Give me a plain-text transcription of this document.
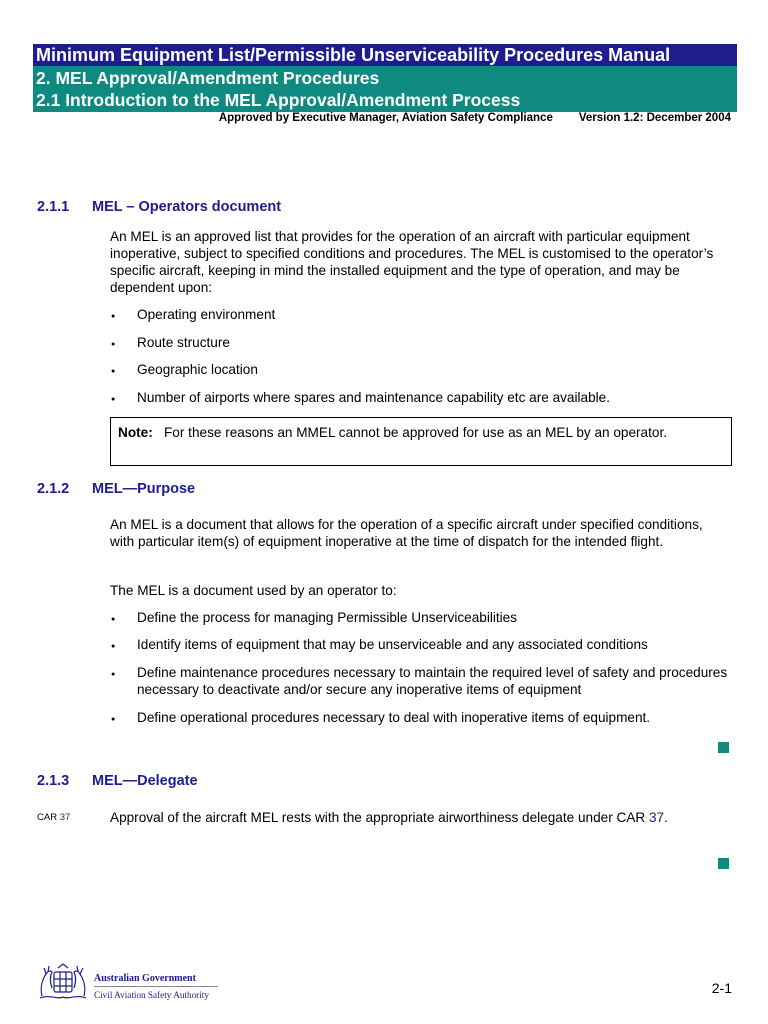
Minimum Equipment List/Permissible Unserviceability Procedures Manual
2. MEL Approval/Amendment Procedures
2.1 Introduction to the MEL Approval/Amendment Process
Approved by Executive Manager, Aviation Safety Compliance Version 1.2: December 2004
2.1.1 MEL – Operators document
An MEL is an approved list that provides for the operation of an aircraft with particular equipment inoperative, subject to specified conditions and procedures. The MEL is customised to the operator’s specific aircraft, keeping in mind the installed equipment and the type of operation, and may be dependent upon:
● Operating environment
● Route structure
● Geographic location
● Number of airports where spares and maintenance capability etc are available.
Note: For these reasons an MMEL cannot be approved for use as an MEL by an operator.
2.1.2 MEL—Purpose
An MEL is a document that allows for the operation of a specific aircraft under specified conditions, with particular item(s) of equipment inoperative at the time of dispatch for the intended flight.
The MEL is a document used by an operator to:
● Define the process for managing Permissible Unserviceabilities
● Identify items of equipment that may be unserviceable and any associated conditions
● Define maintenance procedures necessary to maintain the required level of safety and procedures necessary to deactivate and/or secure any inoperative items of equipment
● Define operational procedures necessary to deal with inoperative items of equipment.
2.1.3 MEL—Delegate
CAR 37	Approval of the aircraft MEL rests with the appropriate airworthiness delegate under CAR 37.
Australian Government
Civil Aviation Safety Authority	2-1
